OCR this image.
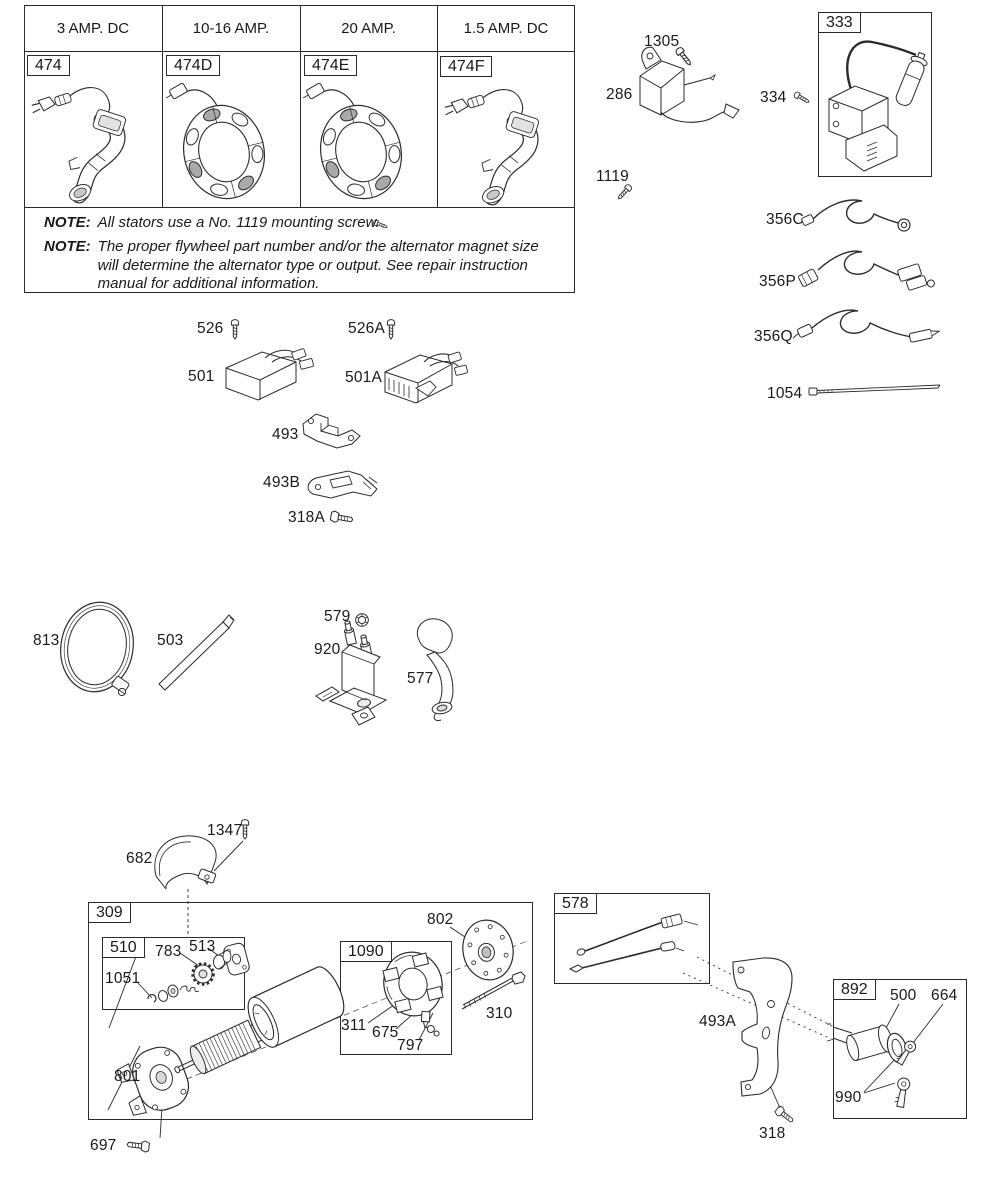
3 AMP. DC	10-16 AMP.	20 AMP.	1.5 AMP. DC
474	474D	474E	474F
NOTE: All stators use a No. 1119 mounting screw.
NOTE: The proper flywheel part number and/or the alternator magnet size will determine the alternator type or output. See repair instruction manual for additional information.
333
309
510	1090
578
892
1305
286	334
1119
356C
356P
356Q
1054
526	526A
501	501A
493
493B
318A
813	503
579
920
577
1347
682
783 513
1051
801
697
311 675
797
802
310	493A
500 664
990
318
